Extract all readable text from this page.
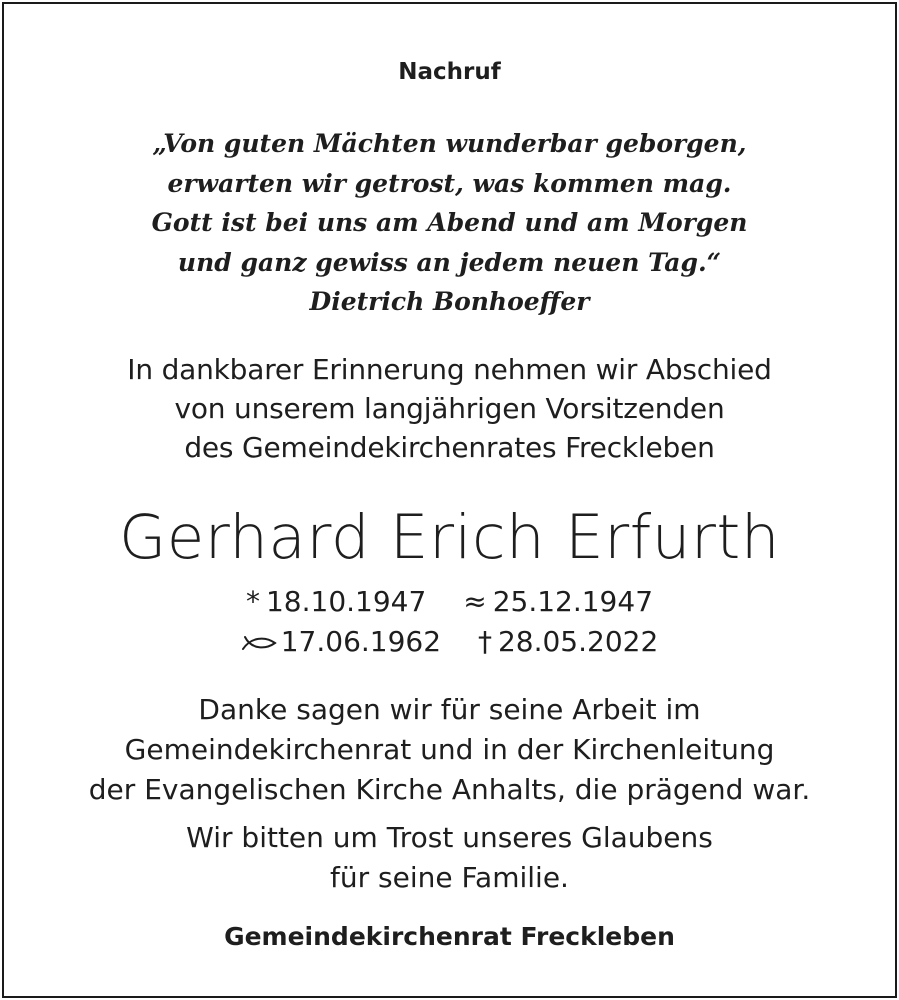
Nachruf
„Von guten Mächten wunderbar geborgen,
erwarten wir getrost, was kommen mag.
Gott ist bei uns am Abend und am Morgen
und ganz gewiss an jedem neuen Tag.“
Dietrich Bonhoeffer
In dankbarer Erinnerung nehmen wir Abschied
von unserem langjährigen Vorsitzenden
des Gemeindekirchenrates Freckleben
Gerhard Erich Erfurth
* 18.10.1947 ≈ 25.12.1947
17.06.1962 † 28.05.2022
Danke sagen wir für seine Arbeit im
Gemeindekirchenrat und in der Kirchenleitung
der Evangelischen Kirche Anhalts, die prägend war.
Wir bitten um Trost unseres Glaubens
für seine Familie.
Gemeindekirchenrat Freckleben
